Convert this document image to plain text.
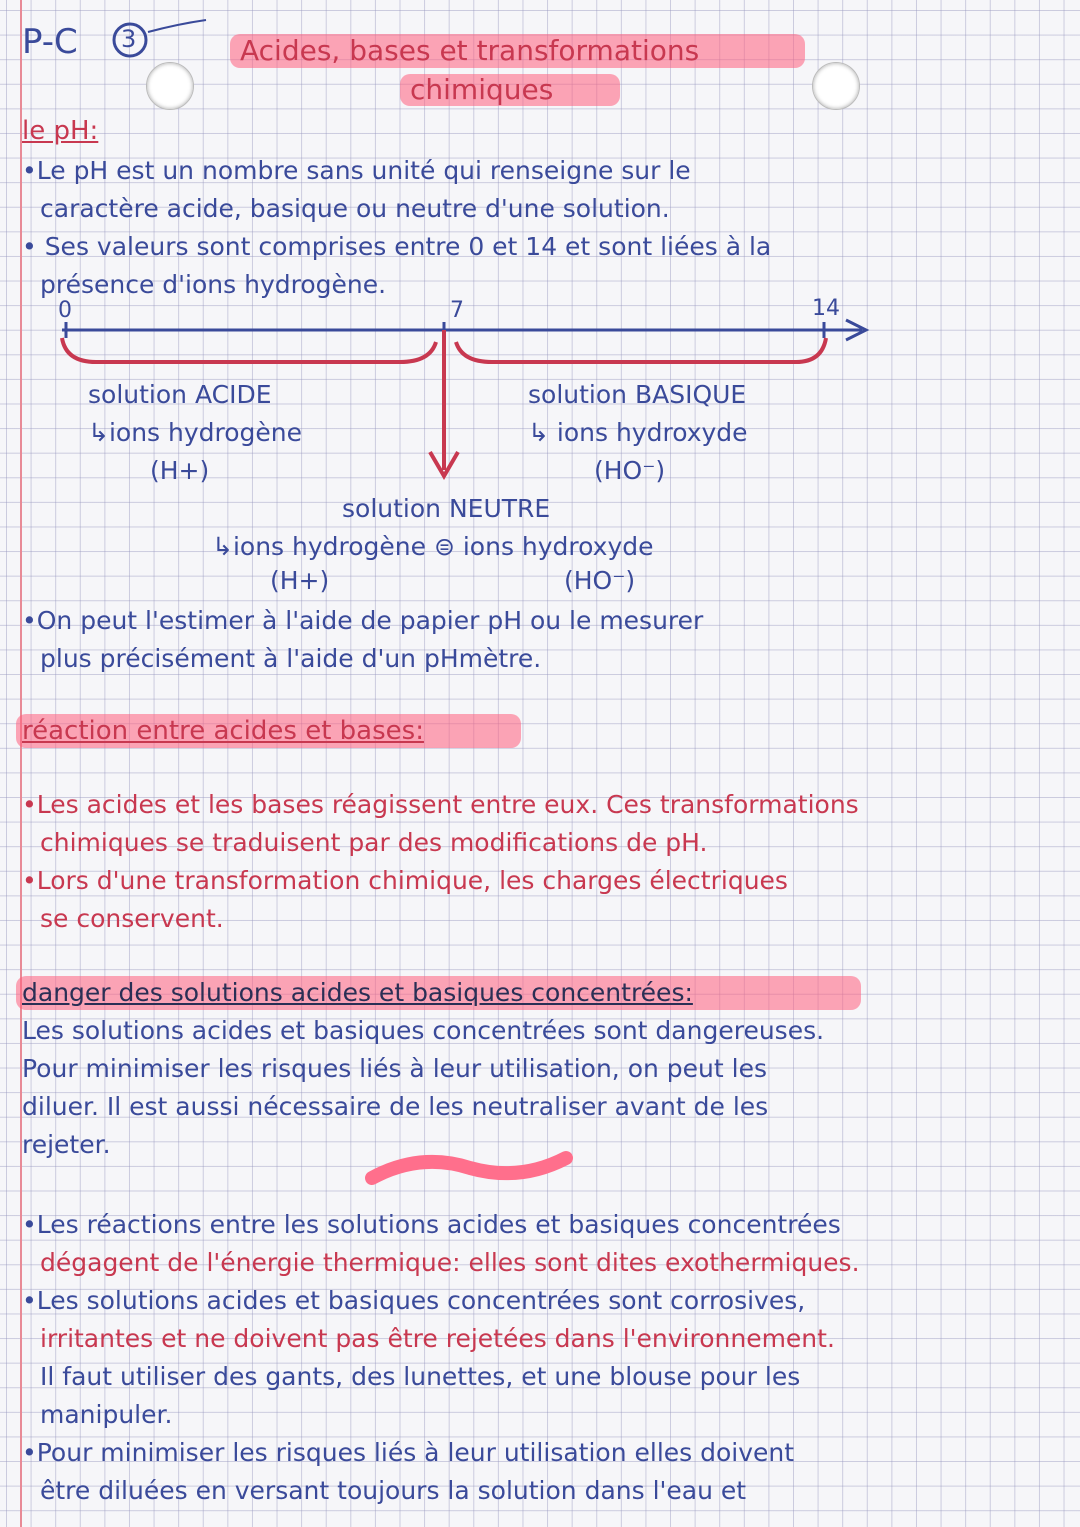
P-C 3	Acides, bases et transformations
chimiques
le pH:
•Le pH est un nombre sans unité qui renseigne sur le
caractère acide, basique ou neutre d'une solution.
• Ses valeurs sont comprises entre 0 et 14 et sont liées à la
présence d'ions hydrogène.
0	7	14
solution ACIDE
↳ions hydrogène
(H+)
solution BASIQUE
↳ ions hydroxyde
(HO⁻)
solution NEUTRE
↳ions hydrogène ⊜ ions hydroxyde
(H+)	(HO⁻)
•On peut l'estimer à l'aide de papier pH ou le mesurer
plus précisément à l'aide d'un pHmètre.
réaction entre acides et bases:
•Les acides et les bases réagissent entre eux. Ces transformations
chimiques se traduisent par des modifications de pH.
•Lors d'une transformation chimique, les charges électriques
se conservent.
danger des solutions acides et basiques concentrées:
Les solutions acides et basiques concentrées sont dangereuses.
Pour minimiser les risques liés à leur utilisation, on peut les
diluer. Il est aussi nécessaire de les neutraliser avant de les
rejeter.
•Les réactions entre les solutions acides et basiques concentrées
dégagent de l'énergie thermique: elles sont dites exothermiques.
•Les solutions acides et basiques concentrées sont corrosives,
irritantes et ne doivent pas être rejetées dans l'environnement.
Il faut utiliser des gants, des lunettes, et une blouse pour les
manipuler.
•Pour minimiser les risques liés à leur utilisation elles doivent
être diluées en versant toujours la solution dans l'eau et
